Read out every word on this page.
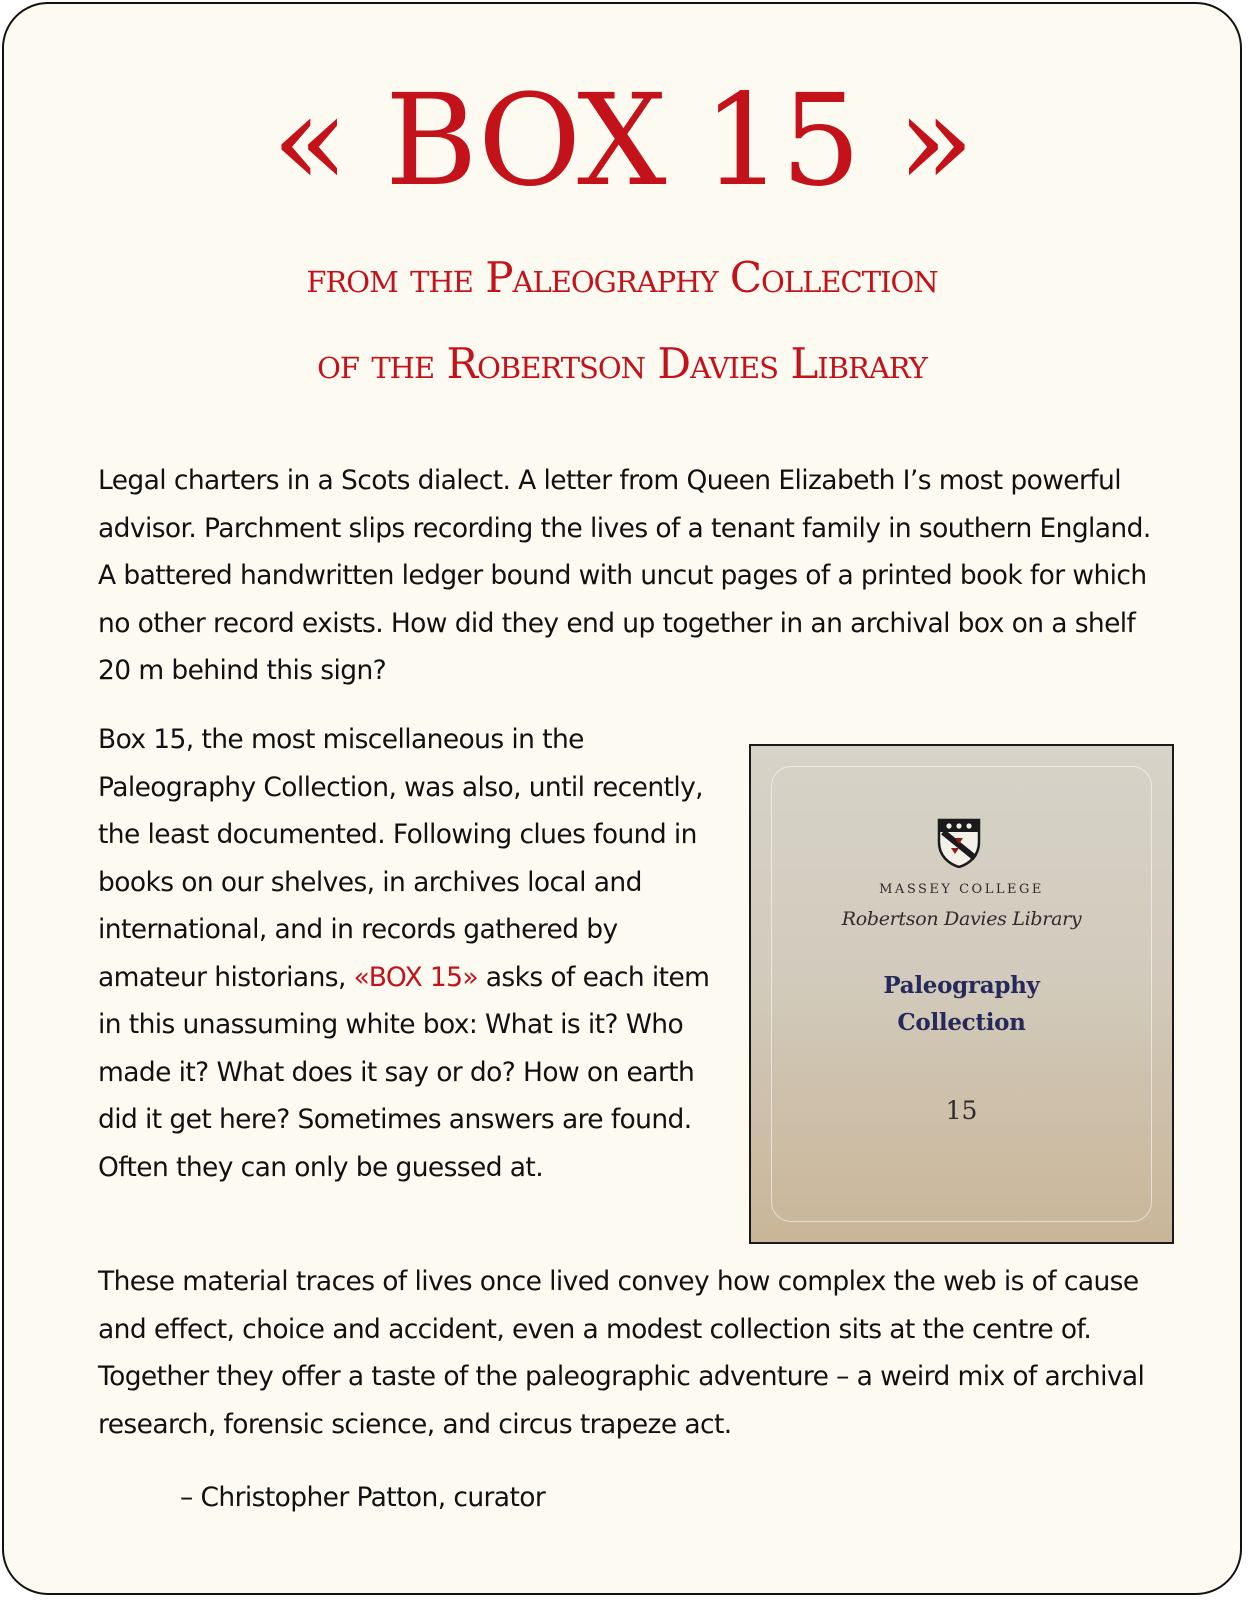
« BOX 15 »
from the Paleography Collection
of the Robertson Davies Library

Legal charters in a Scots dialect. A letter from Queen Elizabeth I’s most powerful advisor. Parchment slips recording the lives of a tenant family in southern England. A battered handwritten ledger bound with uncut pages of a printed book for which no other record exists. How did they end up together in an archival box on a shelf 20 m behind this sign?

Box 15, the most miscellaneous in the Paleography Collection, was also, until recently, the least documented. Following clues found in books on our shelves, in archives local and international, and in records gathered by amateur historians, «BOX 15» asks of each item in this unassuming white box: What is it? Who made it? What does it say or do? How on earth did it get here? Sometimes answers are found. Often they can only be guessed at.

MASSEY COLLEGE
Robertson Davies Library
Paleography
Collection
15

These material traces of lives once lived convey how complex the web is of cause and effect, choice and accident, even a modest collection sits at the centre of. Together they offer a taste of the paleographic adventure – a weird mix of archival research, forensic science, and circus trapeze act.

– Christopher Patton, curator
